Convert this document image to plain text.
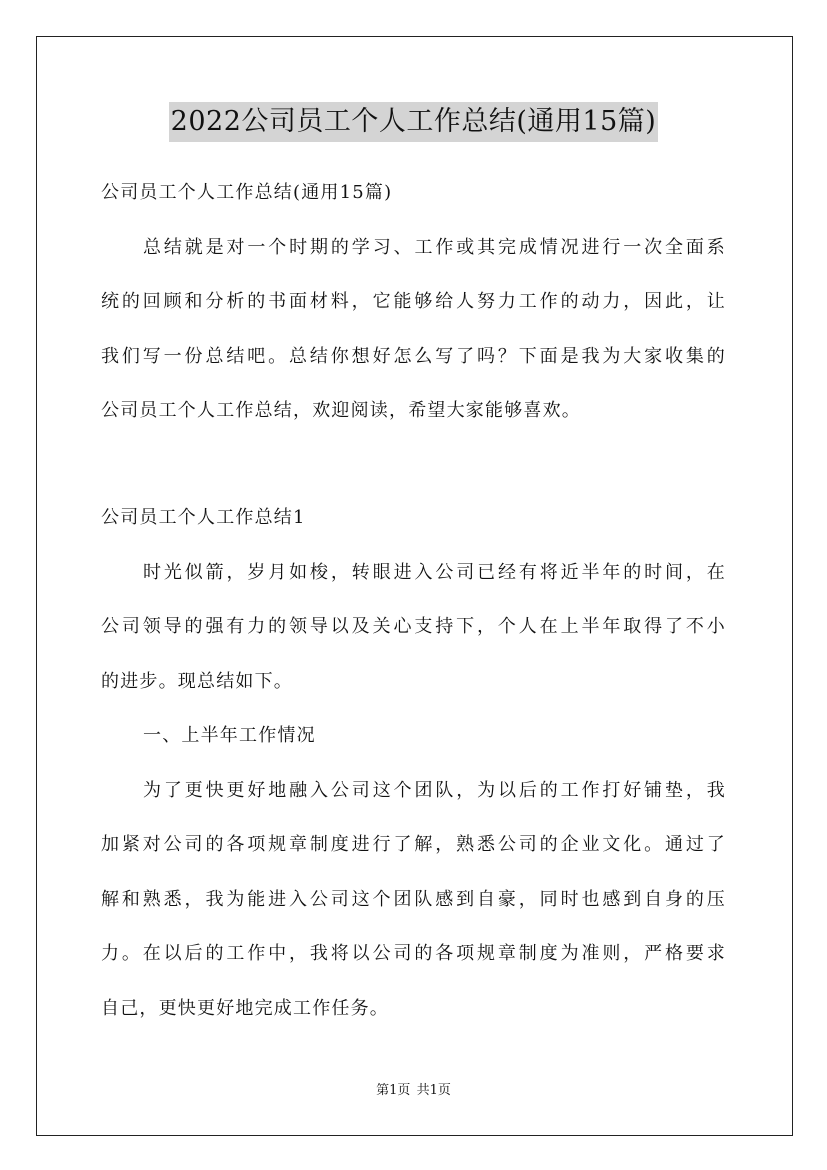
2022公司员工个人工作总结(通用15篇)
公司员工个人工作总结(通用15篇)
总结就是对一个时期的学习、工作或其完成情况进行一次全面系
统的回顾和分析的书面材料，它能够给人努力工作的动力，因此，让
我们写一份总结吧。总结你想好怎么写了吗？下面是我为大家收集的
公司员工个人工作总结，欢迎阅读，希望大家能够喜欢。
公司员工个人工作总结1
时光似箭，岁月如梭，转眼进入公司已经有将近半年的时间，在
公司领导的强有力的领导以及关心支持下，个人在上半年取得了不小
的进步。现总结如下。
一、上半年工作情况
为了更快更好地融入公司这个团队，为以后的工作打好铺垫，我
加紧对公司的各项规章制度进行了解，熟悉公司的企业文化。通过了
解和熟悉，我为能进入公司这个团队感到自豪，同时也感到自身的压
力。在以后的工作中，我将以公司的各项规章制度为准则，严格要求
自己，更快更好地完成工作任务。
第1页 共1页
